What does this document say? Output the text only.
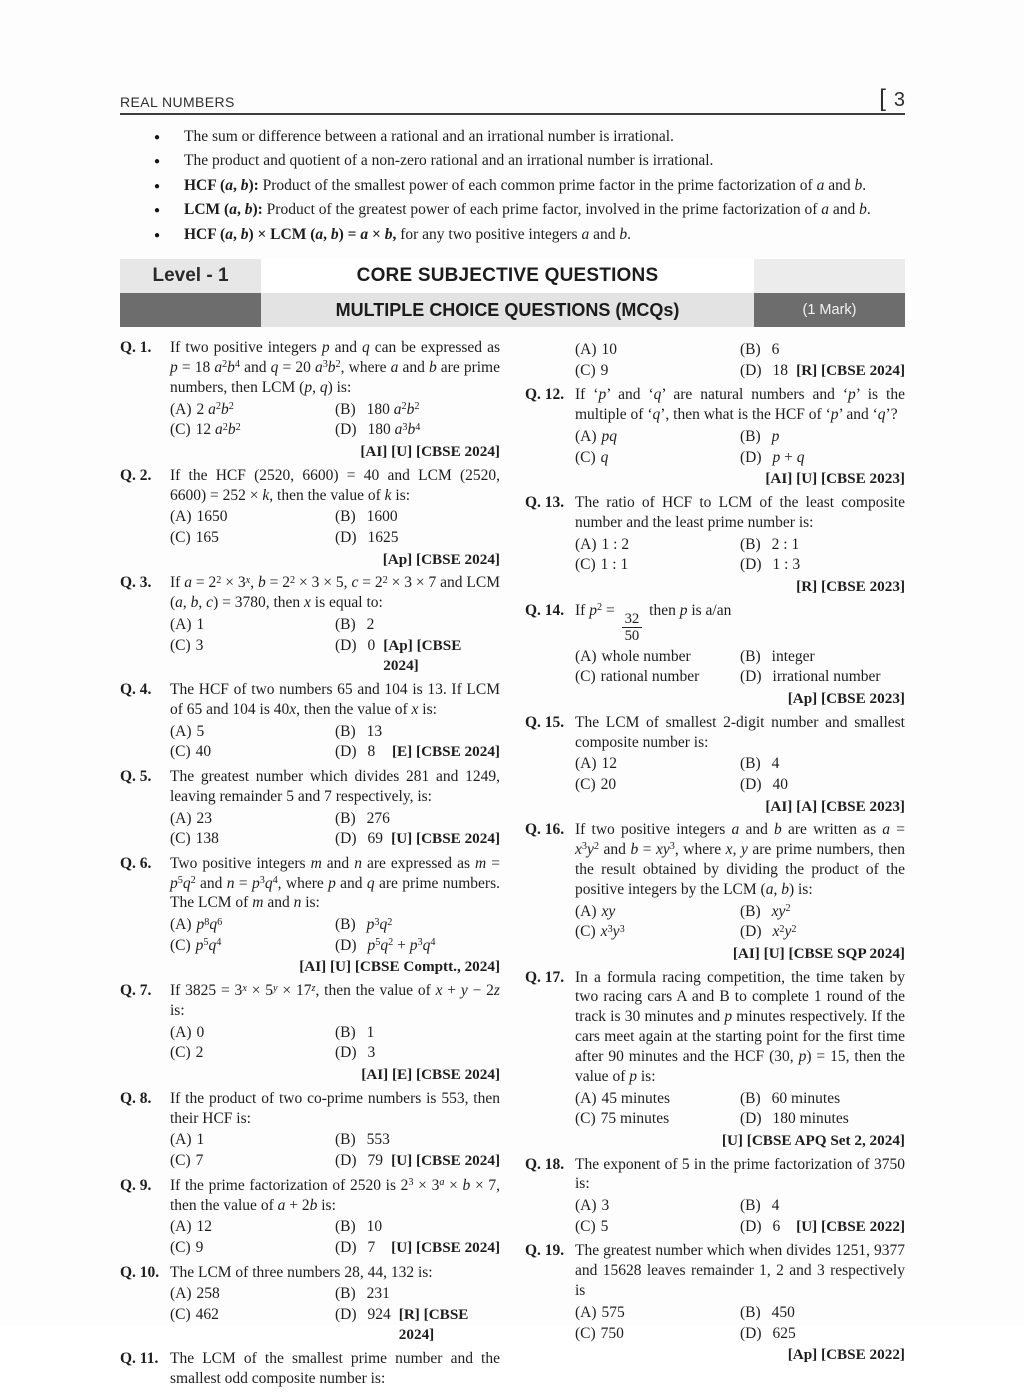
REAL NUMBERS	[ 3
●	The sum or difference between a rational and an irrational number is irrational.
●	The product and quotient of a non-zero rational and an irrational number is irrational.
●	HCF (a, b): Product of the smallest power of each common prime factor in the prime factorization of a and b.
●	LCM (a, b): Product of the greatest power of each prime factor, involved in the prime factorization of a and b.
●	HCF (a, b) × LCM (a, b) = a × b, for any two positive integers a and b.
Level - 1	CORE SUBJECTIVE QUESTIONS
MULTIPLE CHOICE QUESTIONS (MCQs)	(1 Mark)
Q. 1.	If two positive integers p and q can be expressed as p = 18 $a^2b^4$ and q = 20 $a^3b^2$, where a and b are prime numbers, then LCM (p, q) is:
(A) 2 $a^2b^2$	(B) 180 $a^2b^2$
(C) 12 $a^2b^2$	(D) 180 $a^3b^4$
[AI] [U] [CBSE 2024]
Q. 2.	If the HCF (2520, 6600) = 40 and LCM (2520, 6600) = 252 × k, then the value of k is:
(A) 1650	(B) 1600
(C) 165	(D) 1625
[Ap] [CBSE 2024]
Q. 3.	If $a = 2^2 \times 3^x$, $b = 2^2 \times 3 \times 5$, $c = 2^2 \times 3 \times 7$ and LCM (a, b, c) = 3780, then x is equal to:
(A) 1	(B) 2
(C) 3	(D) 0 [Ap] [CBSE 2024]
Q. 4.	The HCF of two numbers 65 and 104 is 13. If LCM of 65 and 104 is 40x, then the value of x is:
(A) 5	(B) 13
(C) 40	(D) 8	[E] [CBSE 2024]
Q. 5.	The greatest number which divides 281 and 1249, leaving remainder 5 and 7 respectively, is:
(A) 23	(B) 276
(C) 138	(D) 69 [U] [CBSE 2024]
Q. 6.	Two positive integers m and n are expressed as $m = p^5q^2$ and $n = p^3q^4$, where p and q are prime numbers. The LCM of m and n is:
(A) $p^8q^6$	(B) $p^3q^2$
(C) $p^5q^4$	(D) $p^5q^2 + p^3q^4$
[AI] [U] [CBSE Comptt., 2024]
Q. 7.	If $3825 = 3^x \times 5^y \times 17^z$, then the value of x + y − 2z is:
(A) 0	(B) 1
(C) 2	(D) 3
[AI] [E] [CBSE 2024]
Q. 8.	If the product of two co-prime numbers is 553, then their HCF is:
(A) 1	(B) 553
(C) 7	(D) 79 [U] [CBSE 2024]
Q. 9.	If the prime factorization of 2520 is $2^3 \times 3^a \times b \times 7$, then the value of a + 2b is:
(A) 12	(B) 10
(C) 9	(D) 7	[U] [CBSE 2024]
Q. 10. The LCM of three numbers 28, 44, 132 is:
(A) 258	(B) 231
(C) 462	(D) 924 [R] [CBSE 2024]
Q. 11. The LCM of the smallest prime number and the smallest odd composite number is:
(A) 10	(B) 6
(C) 9	(D) 18 [R] [CBSE 2024]
Q. 12. If ‘p’ and ‘q’ are natural numbers and ‘p’ is the multiple of ‘q’, then what is the HCF of ‘p’ and ‘q’?
(A) pq	(B) p
(C) q	(D) p + q
[AI] [U] [CBSE 2023]
Q. 13. The ratio of HCF to LCM of the least composite number and the least prime number is:
(A) 1 : 2	(B) 2 : 1
(C) 1 : 1	(D) 1 : 3
[R] [CBSE 2023]
Q. 14. If $p^2$ =
$\frac{32}{50}$
then p is a/an
(A) whole number	(B) integer
(C) rational number	(D) irrational number
[Ap] [CBSE 2023]
Q. 15. The LCM of smallest 2-digit number and smallest composite number is:
(A) 12	(B) 4
(C) 20	(D) 40
[AI] [A] [CBSE 2023]
Q. 16. If two positive integers a and b are written as $a = x^3y^2$ and $b = xy^3$, where x, y are prime numbers, then the result obtained by dividing the product of the positive integers by the LCM (a, b) is:
(A) xy	(B) $xy^2$
(C) $x^3y^3$	(D) $x^2y^2$
[AI] [U] [CBSE SQP 2024]
Q. 17. In a formula racing competition, the time taken by two racing cars A and B to complete 1 round of the track is 30 minutes and p minutes respectively. If the cars meet again at the starting point for the first time after 90 minutes and the HCF (30, p) = 15, then the value of p is:
(A) 45 minutes	(B) 60 minutes
(C) 75 minutes	(D) 180 minutes
[U] [CBSE APQ Set 2, 2024]
Q. 18. The exponent of 5 in the prime factorization of 3750 is:
(A) 3	(B) 4
(C) 5	(D) 6	[U] [CBSE 2022]
Q. 19. The greatest number which when divides 1251, 9377 and 15628 leaves remainder 1, 2 and 3 respectively is
(A) 575	(B) 450
(C) 750	(D) 625
[Ap] [CBSE 2022]
